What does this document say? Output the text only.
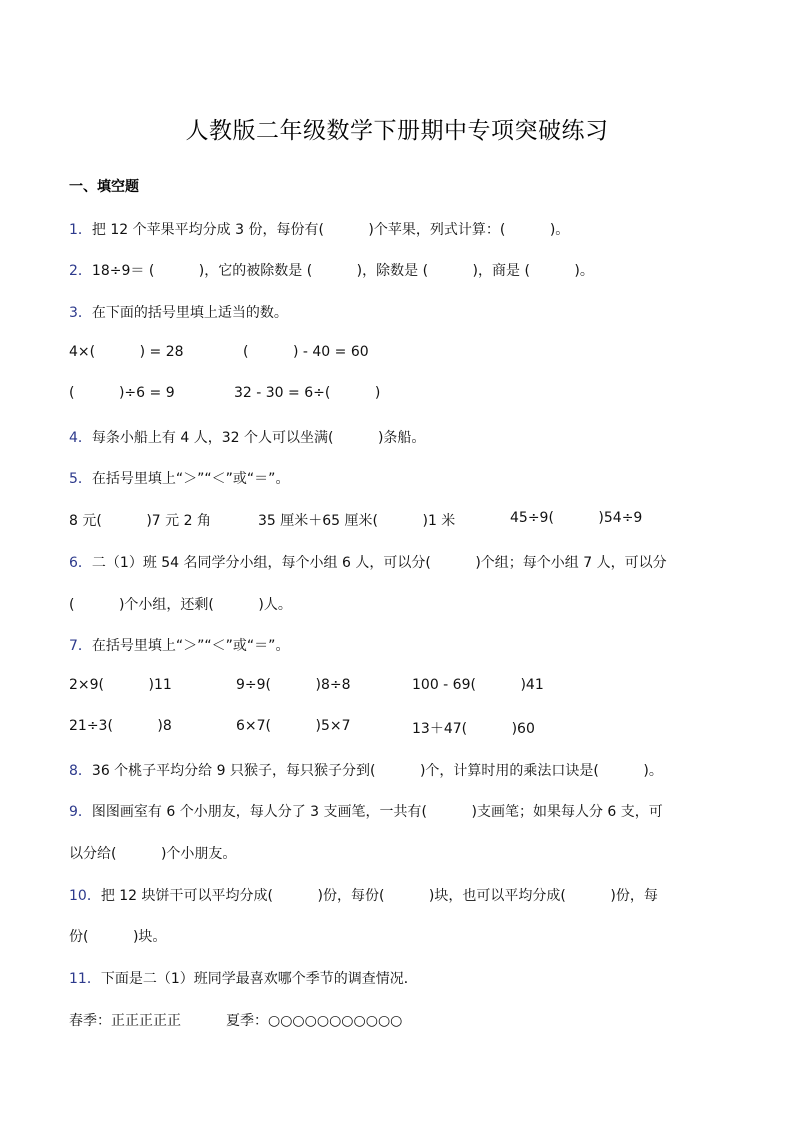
人教版二年级数学下册期中专项突破练习
一、填空题
1．把 12 个苹果平均分成 3 份，每份有(          )个苹果，列式计算：(          )。
2．18÷9＝ (          )，它的被除数是 (          )，除数是 (          )，商是 (          )。
3．在下面的括号里填上适当的数。
4×(          ) = 28	(          ) - 40 = 60
(          )÷6 = 9	32 - 30 = 6÷(          )
4．每条小船上有 4 人，32 个人可以坐满(          )条船。
5．在括号里填上“＞”“＜”或“＝”。
8 元(          )7 元 2 角	35 厘米＋65 厘米(          )1 米	45÷9(          )54÷9
6．二（1）班 54 名同学分小组，每个小组 6 人，可以分(          )个组；每个小组 7 人，可以分
(          )个小组，还剩(          )人。
7．在括号里填上“＞”“＜”或“＝”。
2×9(          )11	9÷9(          )8÷8	100 - 69(          )41
21÷3(          )8	6×7(          )5×7	13＋47(          )60
8．36 个桃子平均分给 9 只猴子，每只猴子分到(          )个，计算时用的乘法口诀是(          )。
9．图图画室有 6 个小朋友，每人分了 3 支画笔，一共有(          )支画笔；如果每人分 6 支，可
以分给(          )个小朋友。
10．把 12 块饼干可以平均分成(          )份，每份(          )块，也可以平均分成(          )份，每
份(          )块。
11．下面是二（1）班同学最喜欢哪个季节的调查情况．
春季：正正正正正	夏季：○○○○○○○○○○○
